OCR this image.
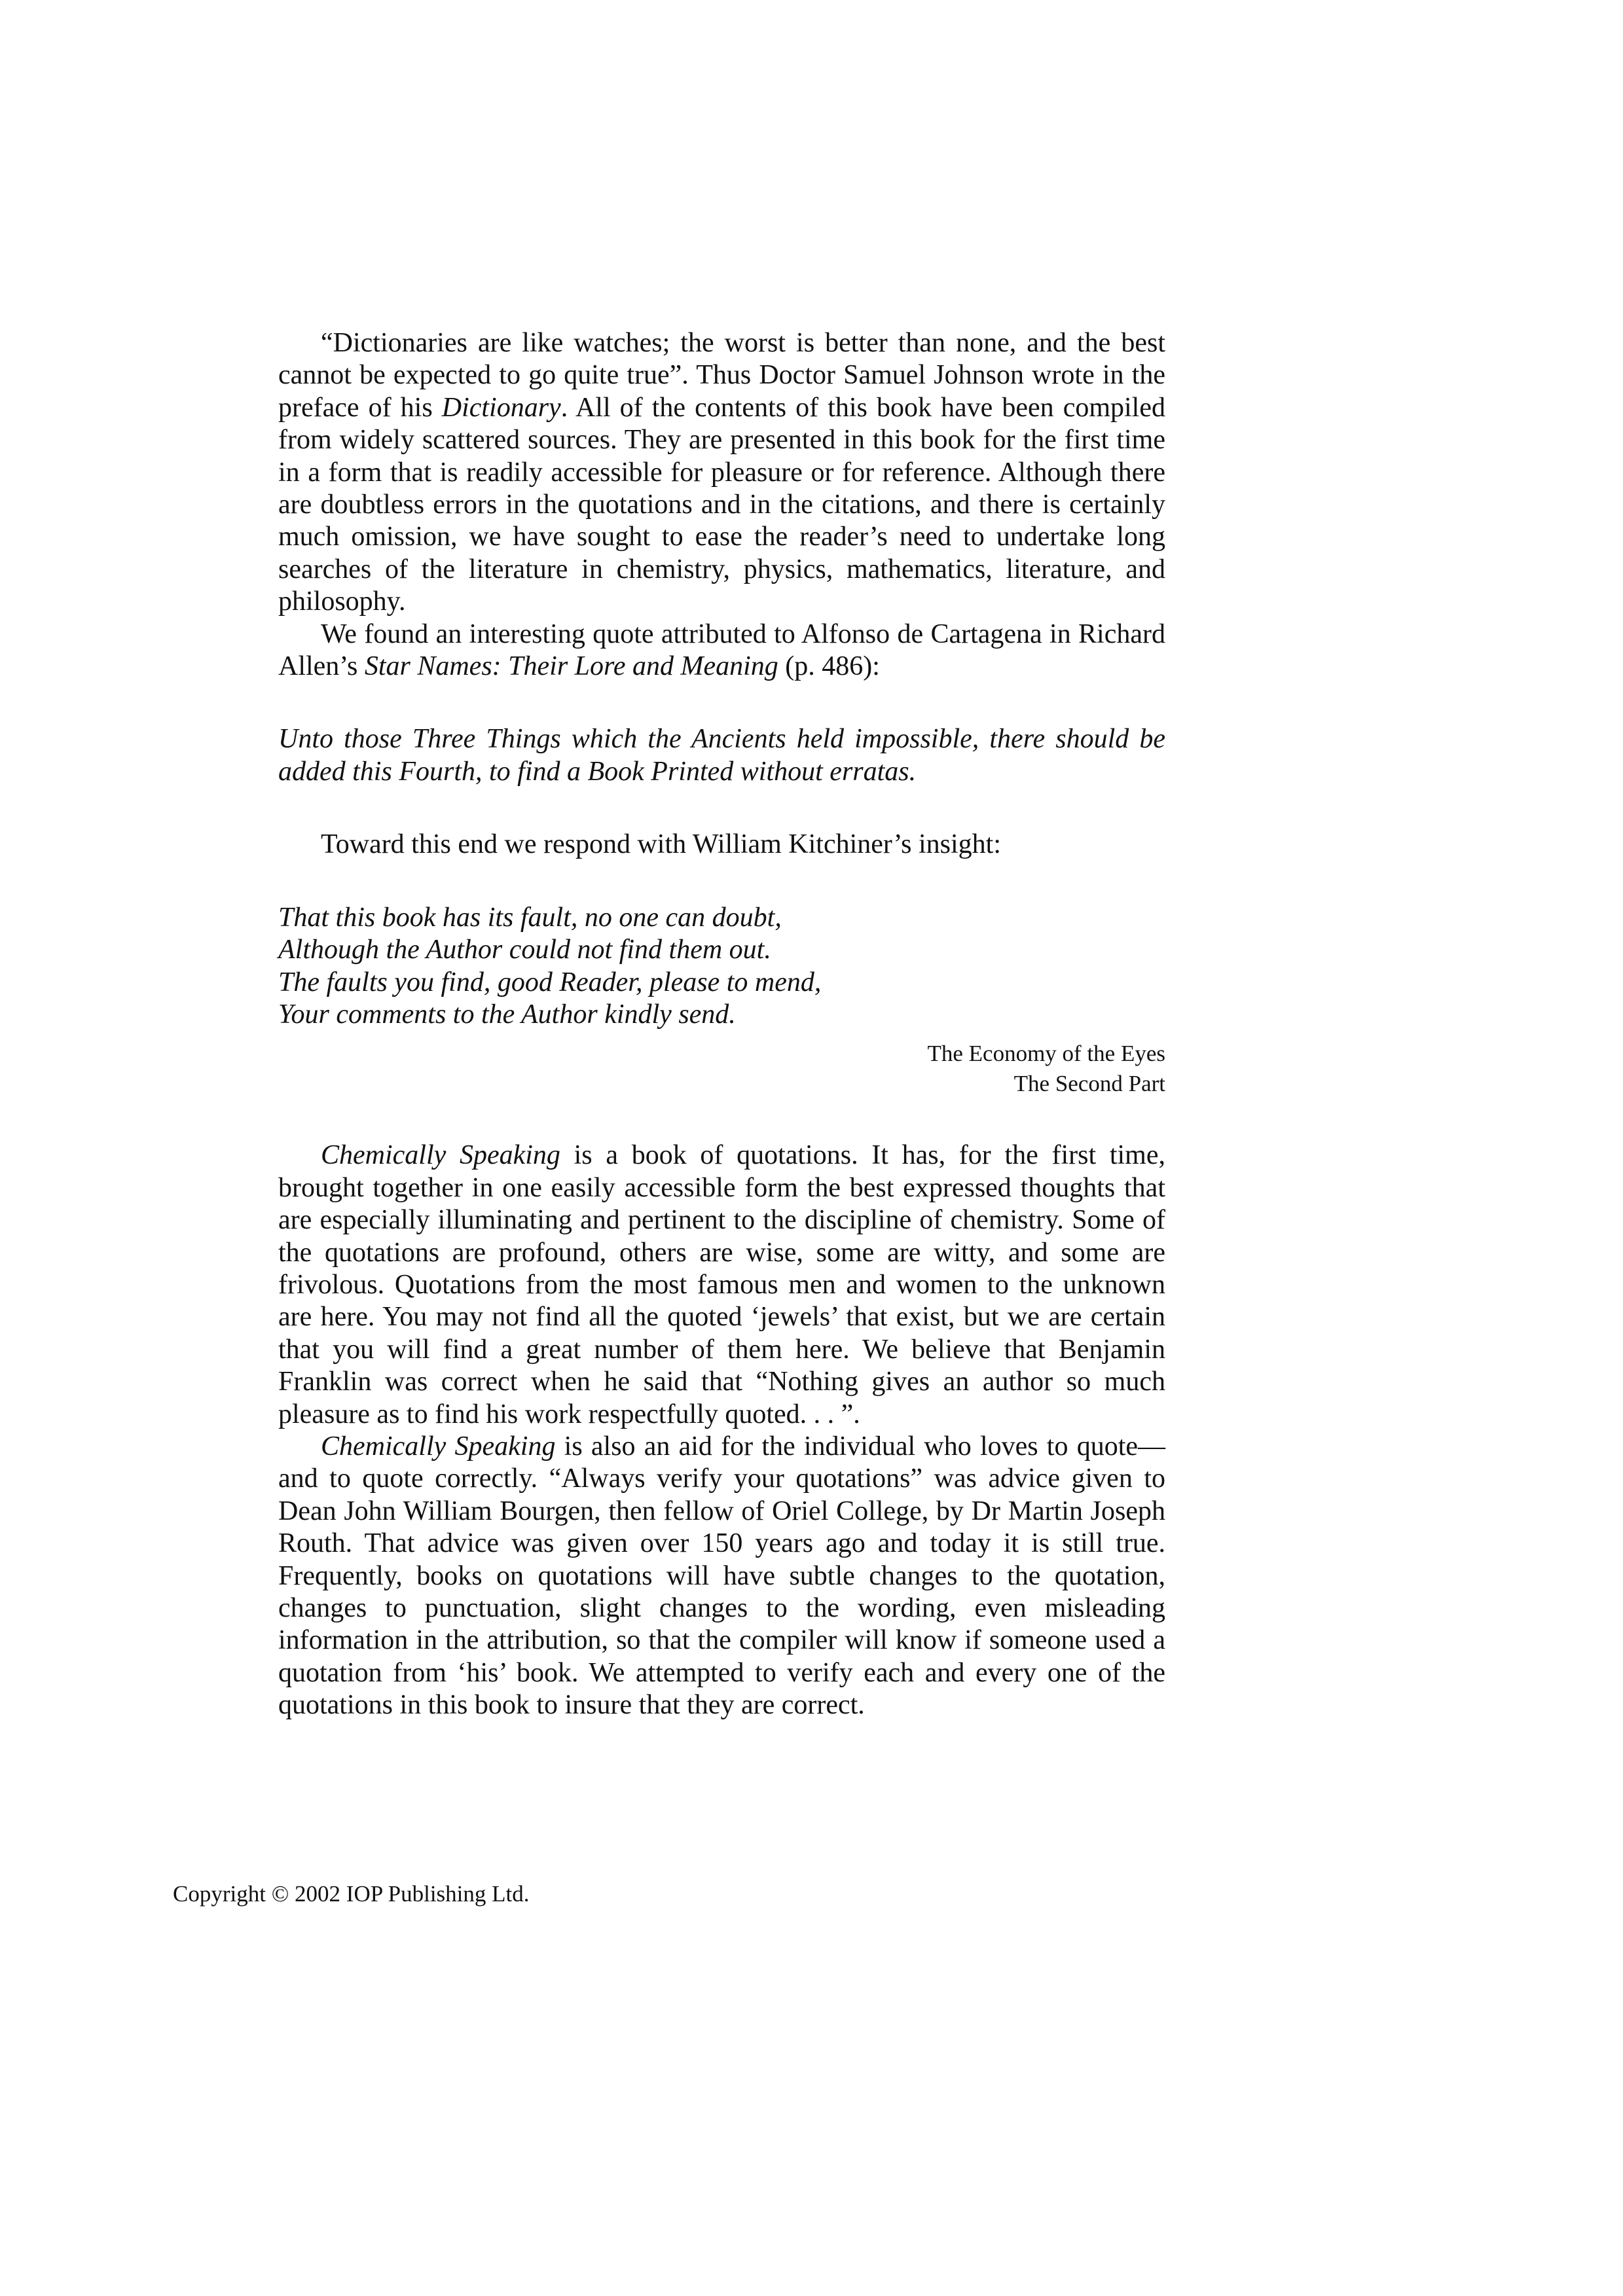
“Dictionaries are like watches; the worst is better than none, and the best cannot be expected to go quite true”. Thus Doctor Samuel Johnson wrote in the preface of his Dictionary. All of the contents of this book have been compiled from widely scattered sources. They are presented in this book for the first time in a form that is readily accessible for pleasure or for reference. Although there are doubtless errors in the quotations and in the citations, and there is certainly much omission, we have sought to ease the reader’s need to undertake long searches of the literature in chemistry, physics, mathematics, literature, and philosophy.

We found an interesting quote attributed to Alfonso de Cartagena in Richard Allen’s Star Names: Their Lore and Meaning (p. 486):

Unto those Three Things which the Ancients held impossible, there should be added this Fourth, to find a Book Printed without erratas.

Toward this end we respond with William Kitchiner’s insight:

That this book has its fault, no one can doubt,
Although the Author could not find them out.
The faults you find, good Reader, please to mend,
Your comments to the Author kindly send.
The Economy of the Eyes
The Second Part

Chemically Speaking is a book of quotations. It has, for the first time, brought together in one easily accessible form the best expressed thoughts that are especially illuminating and pertinent to the discipline of chemistry. Some of the quotations are profound, others are wise, some are witty, and some are frivolous. Quotations from the most famous men and women to the unknown are here. You may not find all the quoted ‘jewels’ that exist, but we are certain that you will find a great number of them here. We believe that Benjamin Franklin was correct when he said that “Nothing gives an author so much pleasure as to find his work respectfully quoted. . . ”.

Chemically Speaking is also an aid for the individual who loves to quote—and to quote correctly. “Always verify your quotations” was advice given to Dean John William Bourgen, then fellow of Oriel College, by Dr Martin Joseph Routh. That advice was given over 150 years ago and today it is still true. Frequently, books on quotations will have subtle changes to the quotation, changes to punctuation, slight changes to the wording, even misleading information in the attribution, so that the compiler will know if someone used a quotation from ‘his’ book. We attempted to verify each and every one of the quotations in this book to insure that they are correct.

Copyright © 2002 IOP Publishing Ltd.
